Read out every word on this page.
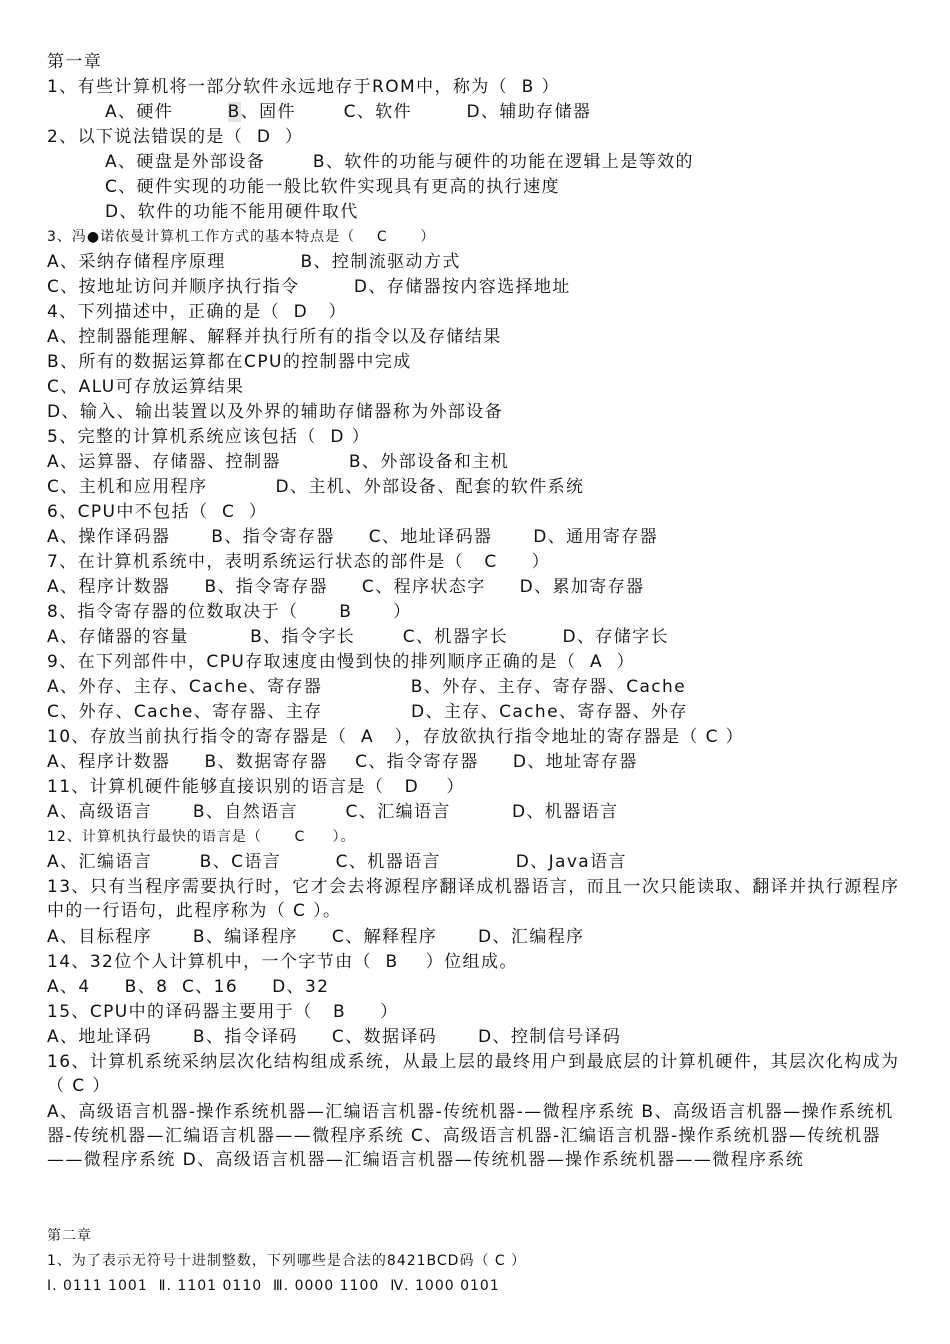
第一章
1、有些计算机将一部分软件永远地存于ROM中，称为（  B ）
A、硬件        B、固件       C、软件        D、辅助存储器
2、以下说法错误的是（  D  ）
A、硬盘是外部设备       B、软件的功能与硬件的功能在逻辑上是等效的
C、硬件实现的功能一般比软件实现具有更高的执行速度
D、软件的功能不能用硬件取代
3、冯●诺依曼计算机工作方式的基本特点是（    C      ）
A、采纳存储程序原理           B、控制流驱动方式
C、按地址访问并顺序执行指令        D、存储器按内容选择地址
4、下列描述中，正确的是（  D   ）
A、控制器能理解、解释并执行所有的指令以及存储结果
B、所有的数据运算都在CPU的控制器中完成
C、ALU可存放运算结果
D、输入、输出装置以及外界的辅助存储器称为外部设备
5、完整的计算机系统应该包括（  D ）
A、运算器、存储器、控制器          B、外部设备和主机
C、主机和应用程序          D、主机、外部设备、配套的软件系统
6、CPU中不包括（  C  ）
A、操作译码器      B、指令寄存器     C、地址译码器      D、通用寄存器
7、在计算机系统中，表明系统运行状态的部件是（   C     ）
A、程序计数器     B、指令寄存器     C、程序状态字     D、累加寄存器
8、指令寄存器的位数取决于（      B      ）
A、存储器的容量         B、指令字长       C、机器字长        D、存储字长
9、在下列部件中，CPU存取速度由慢到快的排列顺序正确的是（  A  ）
A、外存、主存、Cache、寄存器             B、外存、主存、寄存器、Cache
C、外存、Cache、寄存器、主存             D、主存、Cache、寄存器、外存
10、存放当前执行指令的寄存器是（  A   ），存放欲执行指令地址的寄存器是（ C ）
A、程序计数器     B、数据寄存器    C、指令寄存器     D、地址寄存器
11、计算机硬件能够直接识别的语言是（   D    ）
A、高级语言      B、自然语言       C、汇编语言         D、机器语言
12、计算机执行最快的语言是（      C     ）。
A、汇编语言       B、C语言        C、机器语言           D、Java语言
13、只有当程序需要执行时，它才会去将源程序翻译成机器语言，而且一次只能读取、翻译并执行源程序中的一行语句，此程序称为（ C ）。
A、目标程序      B、编译程序     C、解释程序      D、汇编程序
14、32位个人计算机中，一个字节由（  B    ）位组成。
A、4     B、8  C、16     D、32
15、CPU中的译码器主要用于（   B     ）
A、地址译码      B、指令译码     C、数据译码      D、控制信号译码
16、计算机系统采纳层次化结构组成系统，从最上层的最终用户到最底层的计算机硬件，其层次化构成为（ C ）
A、高级语言机器-操作系统机器—汇编语言机器-传统机器-—微程序系统 B、高级语言机器—操作系统机器-传统机器—汇编语言机器——微程序系统 C、高级语言机器-汇编语言机器-操作系统机器—传统机器——微程序系统 D、高级语言机器—汇编语言机器—传统机器—操作系统机器——微程序系统
第二章
1、为了表示无符号十进制整数，下列哪些是合法的8421BCD码（ C ）
Ⅰ. 0111 1001  Ⅱ. 1101 0110  Ⅲ. 0000 1100  Ⅳ. 1000 0101
